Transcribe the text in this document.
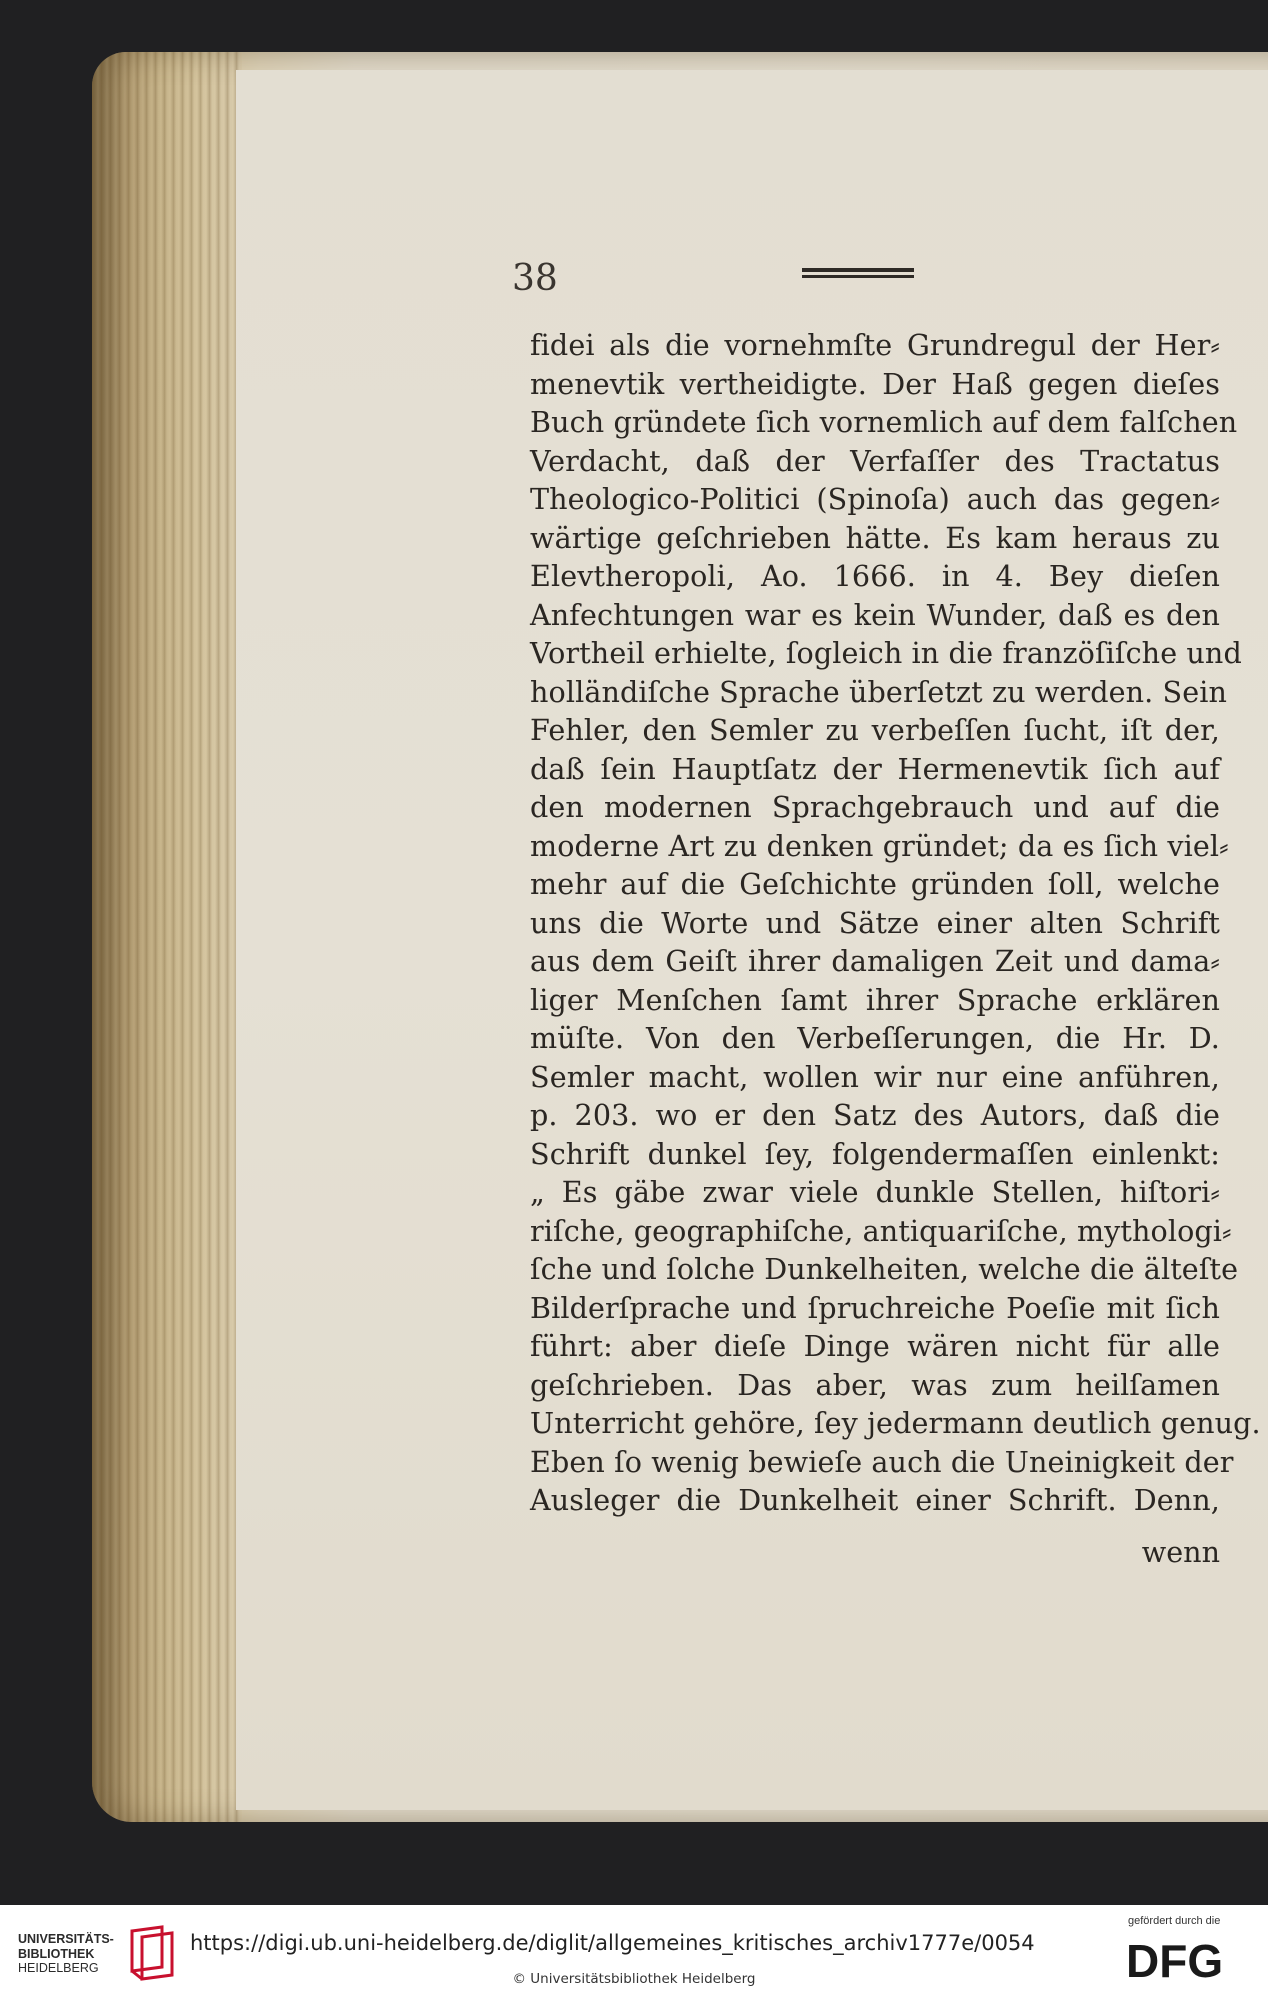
38
fidei als die vornehmſte Grundregul der Her⸗
menevtik vertheidigte. Der Haß gegen dieſes
Buch gründete ſich vornemlich auf dem falſchen
Verdacht, daß der Verfaſſer des Tractatus
Theologico-Politici (Spinoſa) auch das gegen⸗
wärtige geſchrieben hätte. Es kam heraus zu
Elevtheropoli, Ao. 1666. in 4. Bey dieſen
Anfechtungen war es kein Wunder, daß es den
Vortheil erhielte, ſogleich in die franzöſiſche und
holländiſche Sprache überſetzt zu werden. Sein
Fehler, den Semler zu verbeſſen ſucht, iſt der,
daß ſein Hauptſatz der Hermenevtik ſich auf
den modernen Sprachgebrauch und auf die
moderne Art zu denken gründet; da es ſich viel⸗
mehr auf die Geſchichte gründen ſoll, welche
uns die Worte und Sätze einer alten Schrift
aus dem Geiſt ihrer damaligen Zeit und dama⸗
liger Menſchen ſamt ihrer Sprache erklären
müſte. Von den Verbeſſerungen, die Hr. D.
Semler macht, wollen wir nur eine anführen,
p. 203. wo er den Satz des Autors, daß die
Schrift dunkel ſey, folgendermaſſen einlenkt:
„ Es gäbe zwar viele dunkle Stellen, hiſtori⸗
riſche, geographiſche, antiquariſche, mythologi⸗
ſche und ſolche Dunkelheiten, welche die älteſte
Bilderſprache und ſpruchreiche Poeſie mit ſich
führt: aber dieſe Dinge wären nicht für alle
geſchrieben. Das aber, was zum heilſamen
Unterricht gehöre, ſey jedermann deutlich genug.
Eben ſo wenig bewieſe auch die Uneinigkeit der
Ausleger die Dunkelheit einer Schrift. Denn,
wenn
UNIVERSITÄTS-
BIBLIOTHEK
HEIDELBERG
https://digi.ub.uni-heidelberg.de/diglit/allgemeines_kritisches_archiv1777e/0054
© Universitätsbibliothek Heidelberg
gefördert durch die
DFG
